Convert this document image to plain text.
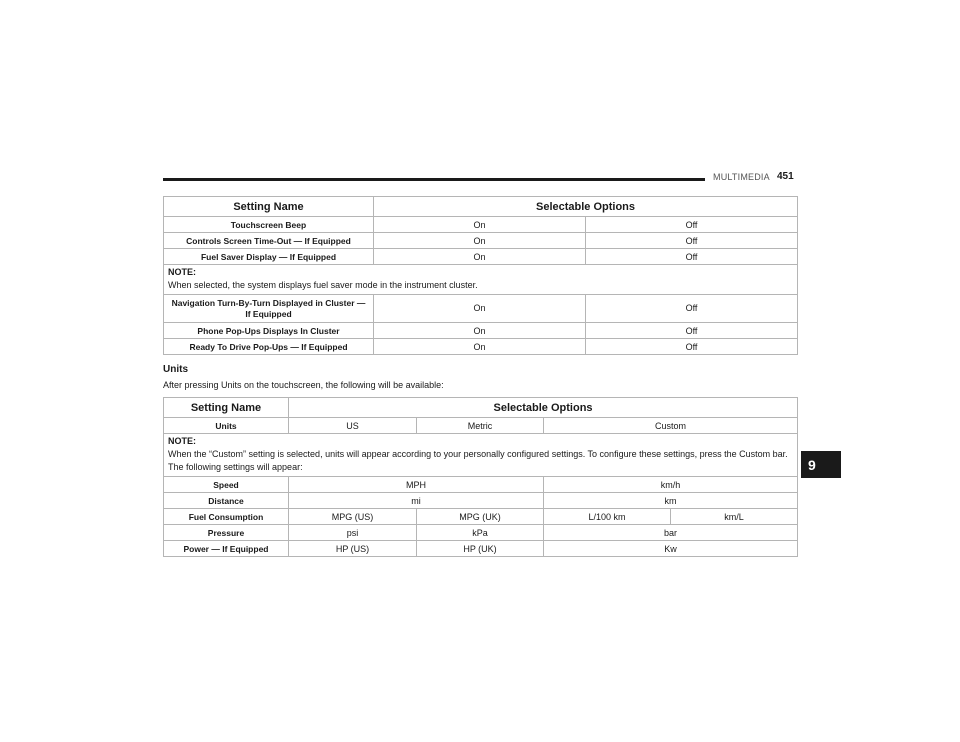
MULTIMEDIA 451
9
Setting Name	Selectable Options	
Touchscreen Beep	On	Off
Controls Screen Time-Out — If Equipped	On	Off
Fuel Saver Display — If Equipped	On	Off

NOTE:
When selected, the system displays fuel saver mode in the instrument cluster.		
Navigation Turn-By-Turn Displayed in Cluster — If Equipped	On	Off
Phone Pop-Ups Displays In Cluster	On	Off
Ready To Drive Pop-Ups — If Equipped	On	Off
Units
After pressing Units on the touchscreen, the following will be available:
Setting Name	Selectable Options			
Units	US	Metric	Custom	

NOTE:
When the “Custom” setting is selected, units will appear according to your personally configured settings. To configure these settings, press the Custom bar. The following settings will appear:				
Speed	MPH		km/h	
Distance	mi		km	
Fuel Consumption	MPG (US)	MPG (UK)	L/100 km	km/L
Pressure	psi	kPa	bar	
Power — If Equipped	HP (US)	HP (UK)	Kw	
